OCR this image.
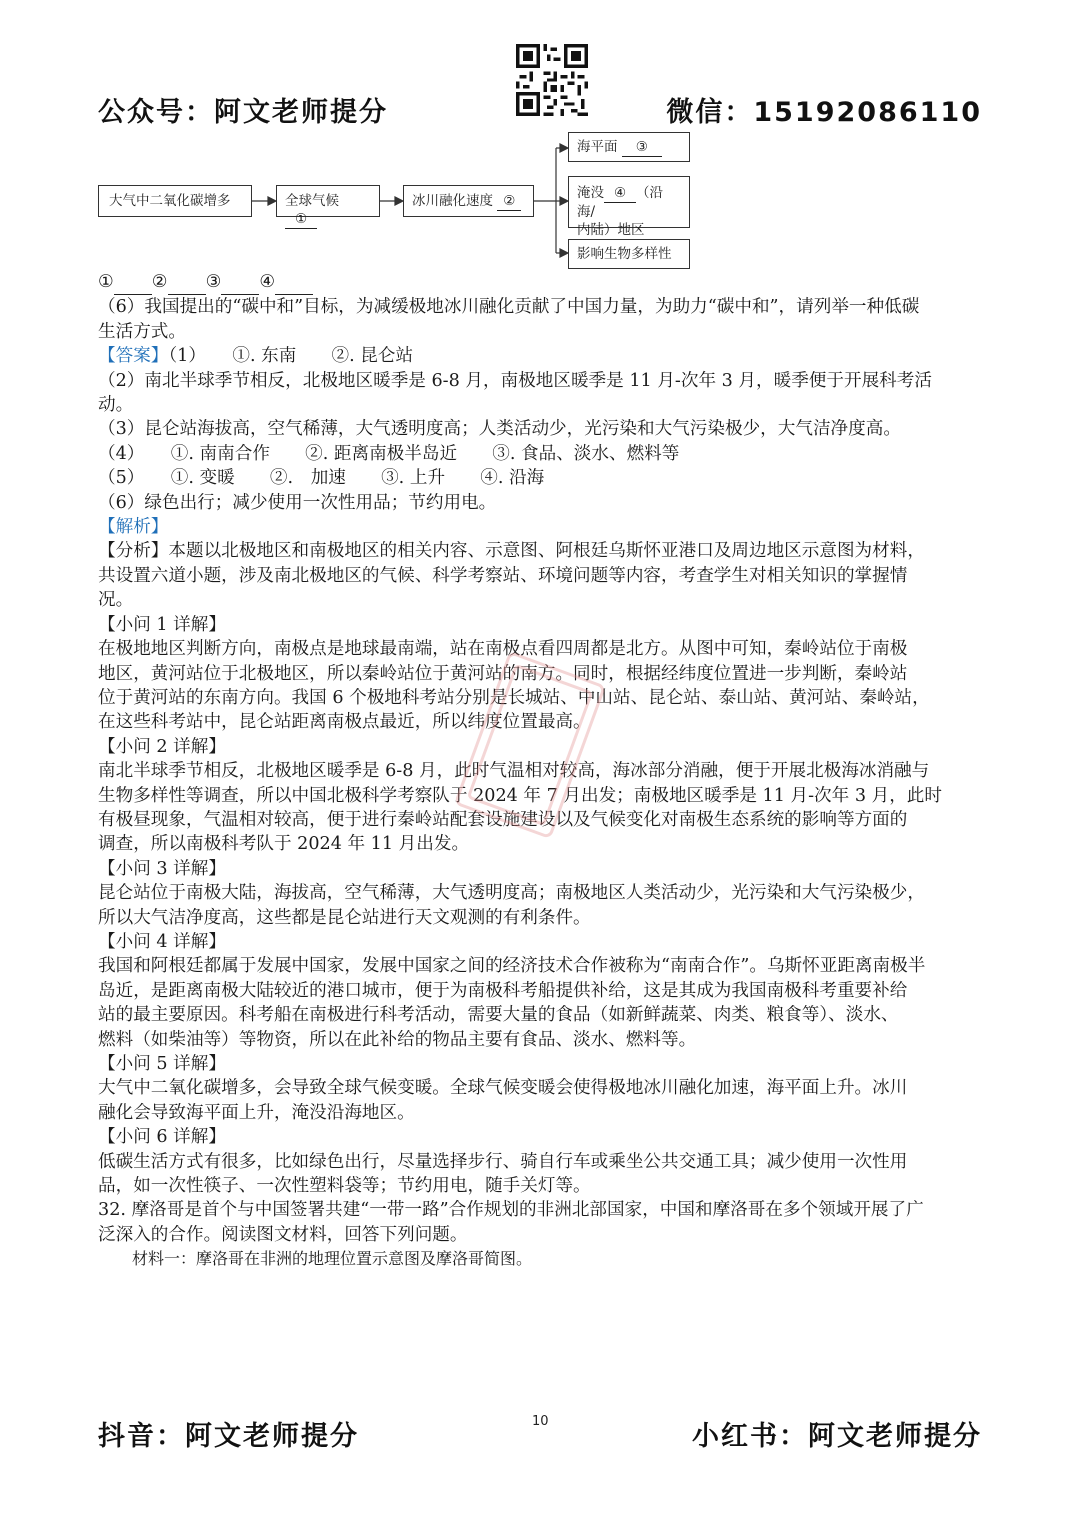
公众号：阿文老师提分	微信：15192086110
大气中二氧化碳增多	全球气候 ①
冰川融化速度 ②
海平面 ③
淹没 ④ （沿海/
内陆）地区
影响生物多样性

① ② ③ ④

（6）我国提出的“碳中和”目标，为减缓极地冰川融化贡献了中国力量，为助力“碳中和”，请列举一种低碳

生活方式。

【答案】（1）　　①. 东南　　②. 昆仑站

（2）南北半球季节相反，北极地区暖季是 6-8 月，南极地区暖季是 11 月-次年 3 月，暖季便于开展科考活

动。

（3）昆仑站海拔高，空气稀薄，大气透明度高；人类活动少，光污染和大气污染极少，大气洁净度高。

（4）　　①. 南南合作　　②. 距离南极半岛近　　③. 食品、淡水、燃料等

（5）　　①. 变暖　　②.　加速　　③. 上升　　④. 沿海

（6）绿色出行；减少使用一次性用品；节约用电。

【解析】

【分析】本题以北极地区和南极地区的相关内容、示意图、阿根廷乌斯怀亚港口及周边地区示意图为材料，

共设置六道小题，涉及南北极地区的气候、科学考察站、环境问题等内容，考查学生对相关知识的掌握情

况。

【小问 1 详解】

在极地地区判断方向，南极点是地球最南端，站在南极点看四周都是北方。从图中可知，秦岭站位于南极

地区，黄河站位于北极地区，所以秦岭站位于黄河站的南方。同时，根据经纬度位置进一步判断，秦岭站

位于黄河站的东南方向。我国 6 个极地科考站分别是长城站、中山站、昆仑站、泰山站、黄河站、秦岭站，

在这些科考站中，昆仑站距离南极点最近，所以纬度位置最高。

【小问 2 详解】

南北半球季节相反，北极地区暖季是 6-8 月，此时气温相对较高，海冰部分消融，便于开展北极海冰消融与

生物多样性等调查，所以中国北极科学考察队于 2024 年 7 月出发；南极地区暖季是 11 月-次年 3 月，此时

有极昼现象，气温相对较高，便于进行秦岭站配套设施建设以及气候变化对南极生态系统的影响等方面的

调查，所以南极科考队于 2024 年 11 月出发。

【小问 3 详解】

昆仑站位于南极大陆，海拔高，空气稀薄，大气透明度高；南极地区人类活动少，光污染和大气污染极少，

所以大气洁净度高，这些都是昆仑站进行天文观测的有利条件。

【小问 4 详解】

我国和阿根廷都属于发展中国家，发展中国家之间的经济技术合作被称为“南南合作”。乌斯怀亚距离南极半

岛近，是距离南极大陆较近的港口城市，便于为南极科考船提供补给，这是其成为我国南极科考重要补给

站的最主要原因。科考船在南极进行科考活动，需要大量的食品（如新鲜蔬菜、肉类、粮食等）、淡水、

燃料（如柴油等）等物资，所以在此补给的物品主要有食品、淡水、燃料等。

【小问 5 详解】

大气中二氧化碳增多，会导致全球气候变暖。全球气候变暖会使得极地冰川融化加速，海平面上升。冰川

融化会导致海平面上升，淹没沿海地区。

【小问 6 详解】

低碳生活方式有很多，比如绿色出行，尽量选择步行、骑自行车或乘坐公共交通工具；减少使用一次性用

品，如一次性筷子、一次性塑料袋等；节约用电，随手关灯等。

32. 摩洛哥是首个与中国签署共建“一带一路”合作规划的非洲北部国家，中国和摩洛哥在多个领域开展了广

泛深入的合作。阅读图文材料，回答下列问题。

材料一：摩洛哥在非洲的地理位置示意图及摩洛哥简图。

抖音：阿文老师提分	10	小红书：阿文老师提分
